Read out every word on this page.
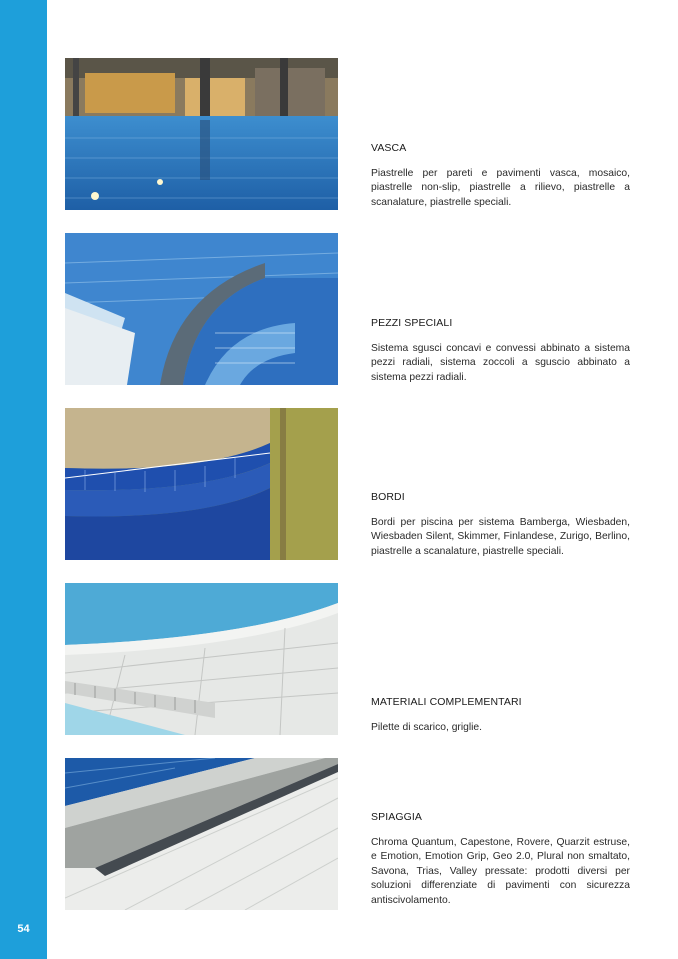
54
VASCA

Piastrelle per pareti e pavimenti vasca, mosaico, piastrelle non-slip, piastrelle a rilievo, piastrelle a scanalature, piastrelle speciali.

PEZZI SPECIALI

Sistema sgusci concavi e convessi abbinato a sistema pezzi radiali, sistema zoccoli a sguscio abbinato a sistema pezzi radiali.

BORDI

Bordi per piscina per sistema Bamberga, Wiesbaden, Wiesbaden Silent, Skimmer, Finlandese, Zurigo, Berlino, piastrelle a scanalature, piastrelle speciali.

MATERIALI COMPLEMENTARI

Pilette di scarico, griglie.

SPIAGGIA

Chroma Quantum, Capestone, Rovere, Quarzit estruse, e Emotion, Emotion Grip, Geo 2.0, Plural non smaltato, Savona, Trias, Valley pressate: prodotti diversi per soluzioni differenziate di pavimenti con sicurezza antiscivolamento.
